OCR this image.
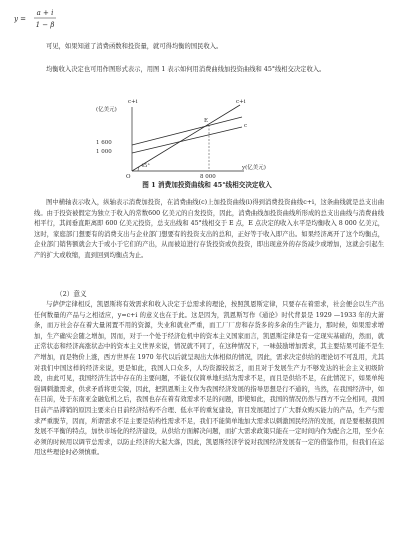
y =
a + i
1 − β

可见，如果知道了消费函数和投资量，就可得均衡的国民收入。

均衡收入决定也可用作图形式表示，用图 1 表示如何用消费曲线加投资曲线和 45°线相交决定收入。

c+i
(亿美元)
y(亿美元)
1 600
1 000
O	8 000
45°
E
c+i
c
图 1 消费加投资曲线和 45°线相交决定收入

图中横轴表示收入，纵轴表示消费加投资，在消费曲线(c)上加投资曲线(i)得到消费投资曲线c+i，这条曲线就是总支出曲线。由于投资被假定为独立于收入的常数600 亿美元的自发投资，因此，消费曲线加投资曲线所形成的总支出曲线与消费曲线相平行，其间垂直距离即 600 亿美元投资，总支出线和 45°线相交于 E 点，E 点决定的收入水平是均衡收入 8 000 亿美元，这时，家庭部门想要有的消费支出与企业部门想要有的投资支出的总和，正好等于收入即产出。如果经济离开了这个均衡点，企业部门销售额就会大于或小于它们的产出，从而被迫进行存货投资或负投资，即出现意外的存货减少或增加，这就会引起生产的扩大或收缩，直到回到均衡点为止。

（2）意义

与萨伊定律相反，凯恩斯将有效需求和收入决定于总需求的理论，按照凯恩斯定律，只要存在着需求，社会便会以生产出任何数量的产品与之相适应，y=c+i 的意义也在于此。这是因为，凯恩斯写作《通论》时代背景是 1929 —1933 年的大萧条，而万社会存在着大量闲置不用的资源，失业和就业严重，而工厂厂房和存货多的多余的生产能力，那时候，如果需求增加，生产确实会随之增加，因而，对于一个处于经济危机中的资本主义国家而言，凯恩斯定律是有一定现实基础的，然而，就正常状态和经济高涨状态中的资本主义世界来说，情况就不同了，在这种情况下，一味鼓励增加需求，其主要结果可能不是生产增加，而是物价上涨，西方世界在 1970 年代以后就呈现出大体相似的情况，因此，需求决定供给的理论切不可乱用，尤其对我们中国这样的经济来说，更是如此，我国人口众多，人均资源较贫乏，而且对于发展生产力不够发达的社会主义初级阶段，由此可见，我国经济生活中存在的主要问题，不能仅仅简单地归结为需求不足，而且是供给不足，在此情况下，如果单纯强调刺激需求，供求矛盾将更尖锐，因此，把凯恩斯主义作为我国经济发展的指导思想是行不通的，当然，在我国经济中，如在目前，处于东南亚金融危机之后，我国也存在着有效需求不足的问题，即使如此，我国的情况仍然与西方不完全相同，我国目前产品滞销的原因主要来自目前经济结构不合理、低水平的重复建设，盲目发展超过了广大群众购买能力的产品，生产与需求严重脱节，因而，所谓需求不足主要是结构性需求不足，我们不能简单地加大需求以刺激国民经济的发展，而是要根据我国发展不平衡的特点，加快市场化的经济建设，从供给方面解决问题，而扩大需求政策只能在一定时间内作为配合之用，至少在必须的时候用以调节总需求，以防止经济的大起大落，因此，凯恩斯经济学说对我国经济发展有一定的借鉴作用，但我们在运用这些理论时必须慎重。
